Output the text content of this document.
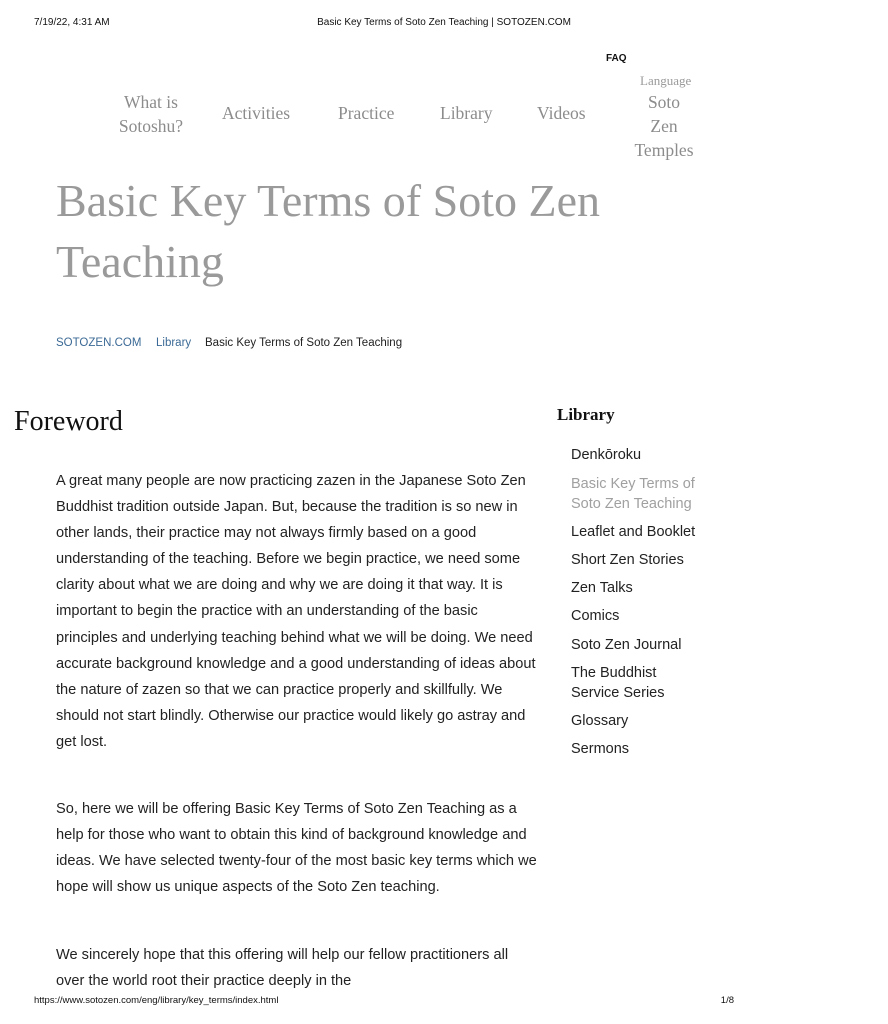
7/19/22, 4:31 AM	Basic Key Terms of Soto Zen Teaching | SOTOZEN.COM
FAQ
Language
What is
Sotoshu?
Activities	Practice	Library	Videos
Soto
Zen
Temples
Basic Key Terms of Soto Zen
Teaching
SOTOZEN.COM Library Basic Key Terms of Soto Zen Teaching
Foreword

A great many people are now practicing zazen in the Japanese Soto Zen Buddhist tradition outside Japan. But, because the tradition is so new in other lands, their practice may not always firmly based on a good understanding of the teaching. Before we begin practice, we need some clarity about what we are doing and why we are doing it that way. It is important to begin the practice with an understanding of the basic principles and underlying teaching behind what we will be doing. We need accurate background knowledge and a good understanding of ideas about the nature of zazen so that we can practice properly and skillfully. We should not start blindly. Otherwise our practice would likely go astray and get lost.

So, here we will be offering Basic Key Terms of Soto Zen Teaching as a help for those who want to obtain this kind of background knowledge and ideas. We have selected twenty-four of the most basic key terms which we hope will show us unique aspects of the Soto Zen teaching.

We sincerely hope that this offering will help our fellow practitioners all over the world root their practice deeply in the

Library
Denkōroku
Basic Key Terms of Soto Zen Teaching
Leaflet and Booklet
Short Zen Stories
Zen Talks
Comics
Soto Zen Journal
The Buddhist Service Series
Glossary
Sermons
https://www.sotozen.com/eng/library/key_terms/index.html	1/8
